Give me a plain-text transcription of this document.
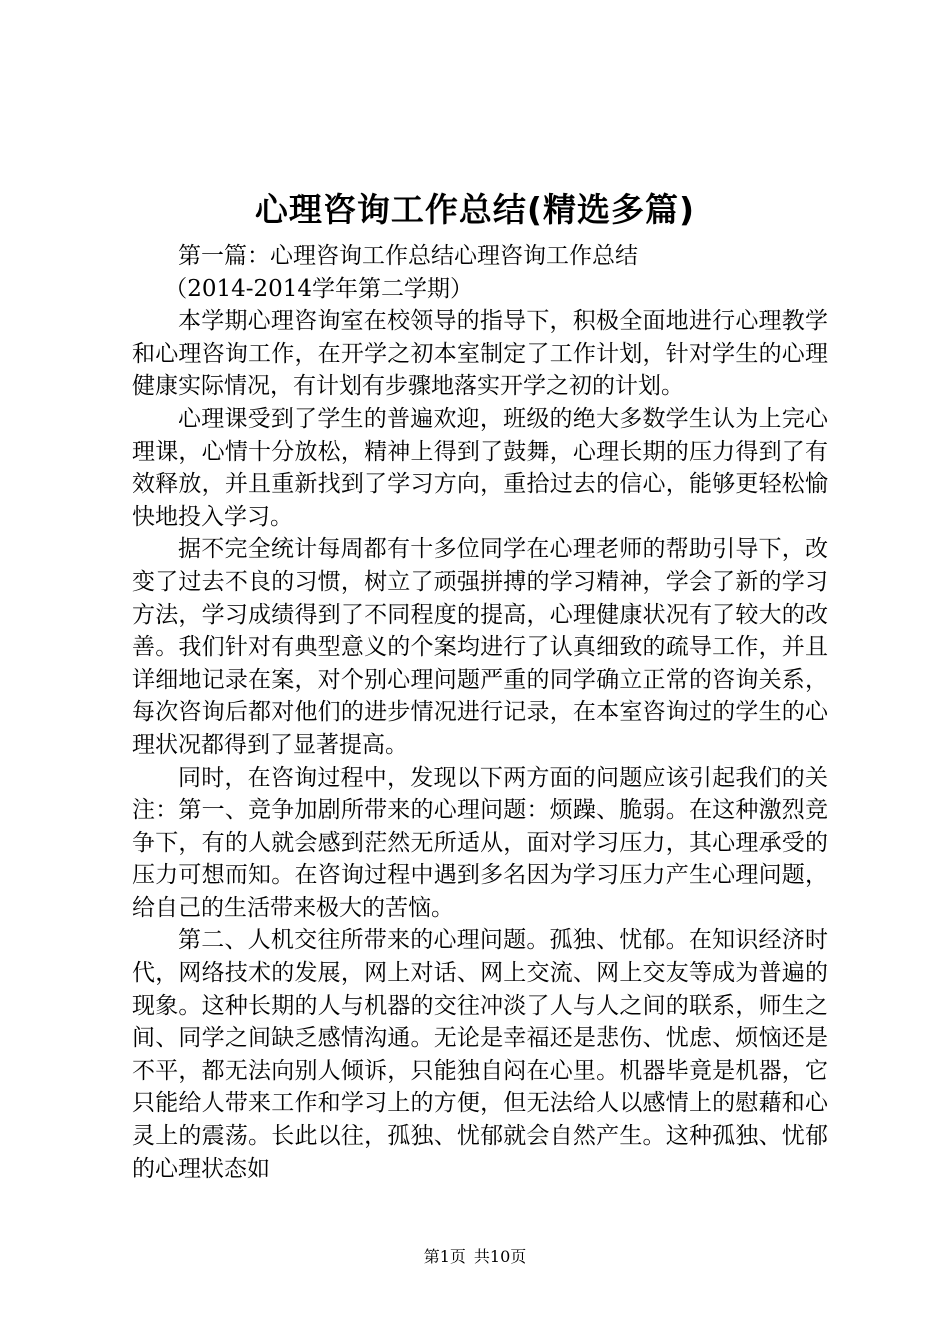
心理咨询工作总结(精选多篇)

第一篇：心理咨询工作总结心理咨询工作总结

（2014-2014学年第二学期）

本学期心理咨询室在校领导的指导下，积极全面地进行心理教学和心理咨询工作，在开学之初本室制定了工作计划，针对学生的心理健康实际情况，有计划有步骤地落实开学之初的计划。

心理课受到了学生的普遍欢迎，班级的绝大多数学生认为上完心理课，心情十分放松，精神上得到了鼓舞，心理长期的压力得到了有效释放，并且重新找到了学习方向，重拾过去的信心，能够更轻松愉快地投入学习。

据不完全统计每周都有十多位同学在心理老师的帮助引导下，改变了过去不良的习惯，树立了顽强拼搏的学习精神，学会了新的学习方法，学习成绩得到了不同程度的提高，心理健康状况有了较大的改善。我们针对有典型意义的个案均进行了认真细致的疏导工作，并且详细地记录在案，对个别心理问题严重的同学确立正常的咨询关系，每次咨询后都对他们的进步情况进行记录，在本室咨询过的学生的心理状况都得到了显著提高。

同时，在咨询过程中，发现以下两方面的问题应该引起我们的关注：第一、竞争加剧所带来的心理问题：烦躁、脆弱。在这种激烈竞争下，有的人就会感到茫然无所适从，面对学习压力，其心理承受的压力可想而知。在咨询过程中遇到多名因为学习压力产生心理问题，给自己的生活带来极大的苦恼。

第二、人机交往所带来的心理问题。孤独、忧郁。在知识经济时代，网络技术的发展，网上对话、网上交流、网上交友等成为普遍的现象。这种长期的人与机器的交往冲淡了人与人之间的联系，师生之间、同学之间缺乏感情沟通。无论是幸福还是悲伤、忧虑、烦恼还是不平，都无法向别人倾诉，只能独自闷在心里。机器毕竟是机器，它只能给人带来工作和学习上的方便，但无法给人以感情上的慰藉和心灵上的震荡。长此以往，孤独、忧郁就会自然产生。这种孤独、忧郁的心理状态如

第1页 共10页
